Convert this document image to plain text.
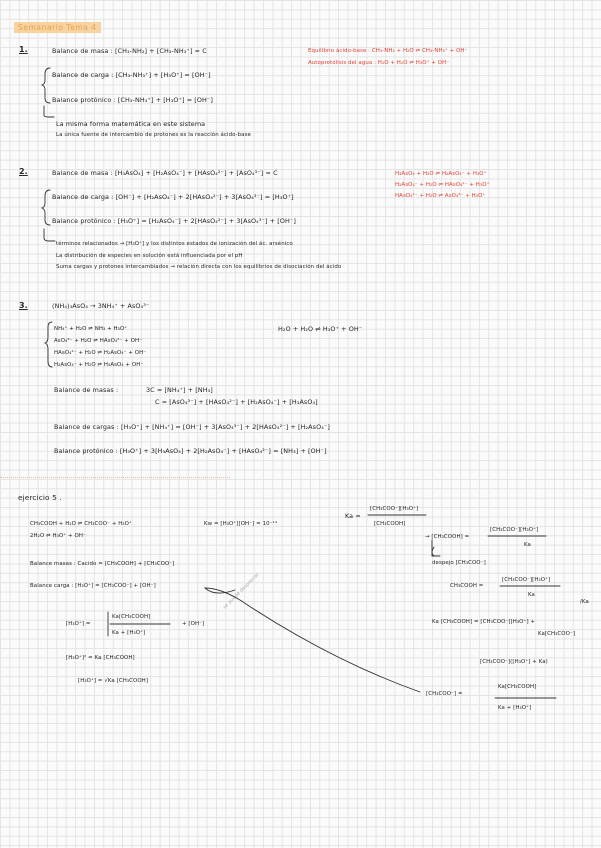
Semanario Tema 4
1.	Balance de masa : [CH₃-NH₂] + [CH₃-NH₃⁺] = C	Equilibrio ácido-base : CH₃-NH₂ + H₂O ⇌ CH₃-NH₃⁺ + OH⁻
Autoprotólisis del agua : H₂O + H₂O ⇌ H₃O⁺ + OH⁻
Balance de carga : [CH₃-NH₃⁺] + [H₃O⁺] = [OH⁻]
Balance protónico : [CH₃-NH₃⁺] + [H₃O⁺] = [OH⁻]
La misma forma matemática en este sistema
La única fuente de intercambio de protones es la reacción ácido-base
2.	Balance de masa : [H₃AsO₄] + [H₂AsO₄⁻] + [HAsO₄²⁻] + [AsO₄³⁻] = C	H₃AsO₄ + H₂O ⇌ H₂AsO₄⁻ + H₃O⁺
H₂AsO₄⁻ + H₂O ⇌ HAsO₄²⁻ + H₃O⁺
HAsO₄²⁻ + H₂O ⇌ AsO₄³⁻ + H₃O⁺
Balance de carga : [OH⁻] + [H₂AsO₄⁻] + 2[HAsO₄²⁻] + 3[AsO₄³⁻] = [H₃O⁺]
Balance protónico : [H₃O⁺] = [H₂AsO₄⁻] + 2[HAsO₄²⁻] + 3[AsO₄³⁻] + [OH⁻]
términos relacionados → [H₃O⁺] y los distintos estados de ionización del ác. arsénico
La distribución de especies en solución está influenciada por el pH
Suma cargas y protones intercambiados → relación directa con los equilibrios de disociación del ácido
3.	(NH₄)₃AsO₄ → 3NH₄⁺ + AsO₄³⁻
NH₄⁺ + H₂O ⇌ NH₃ + H₃O⁺
AsO₄³⁻ + H₂O ⇌ HAsO₄²⁻ + OH⁻
HAsO₄²⁻ + H₂O ⇌ H₂AsO₄⁻ + OH⁻
H₂AsO₄⁻ + H₂O ⇌ H₃AsO₄ + OH⁻
H₂O + H₂O ⇌ H₃O⁺ + OH⁻
Balance de masas :	3C = [NH₄⁺] + [NH₃]
C = [AsO₄³⁻] + [HAsO₄²⁻] + [H₂AsO₄⁻] + [H₃AsO₄]
Balance de cargas : [H₃O⁺] + [NH₄⁺] = [OH⁻] + 3[AsO₄³⁻] + 2[HAsO₄²⁻] + [H₂AsO₄⁻]
Balance protónico : [H₃O⁺] + 3[H₃AsO₄] + 2[H₂AsO₄⁻] + [HAsO₄²⁻] = [NH₃] + [OH⁻]
ejercicio 5 .
CH₃COOH + H₂O ⇌ CH₃COO⁻ + H₃O⁺
2H₂O ⇌ H₃O⁺ + OH⁻
Kw = [H₃O⁺][OH⁻] = 10⁻¹⁴
Ka =
[CH₃COO⁻][H₃O⁺]
[CH₃COOH]
→ [CH₃COOH] =
[CH₃COO⁻][H₃O⁺]
Ka
despejo [CH₃COO⁻]
Balance masas : Cacido = [CH₃COOH] + [CH₃COO⁻]
Balance carga : [H₃O⁺] = [CH₃COO⁻] + [OH⁻]	CH₃COOH =
[CH₃COO⁻][H₃O⁺]
Ka
/Ka
Ka [CH₃COOH] = [CH₃COO⁻][H₃O⁺] +
Ka[CH₃COO⁻]
[CH₃COO⁻]([H₃O⁺] + Ka)
[CH₃COO⁻] =
Ka[CH₃COOH]
Ka + [H₃O⁺]
[H₃O⁺] =
Ka[CH₃COOH]
Ka + [H₃O⁺]
+ [OH⁻]
se puede despreciar
[H₃O⁺]² = Ka [CH₃COOH]
[H₃O⁺] = √Ka [CH₃COOH]
